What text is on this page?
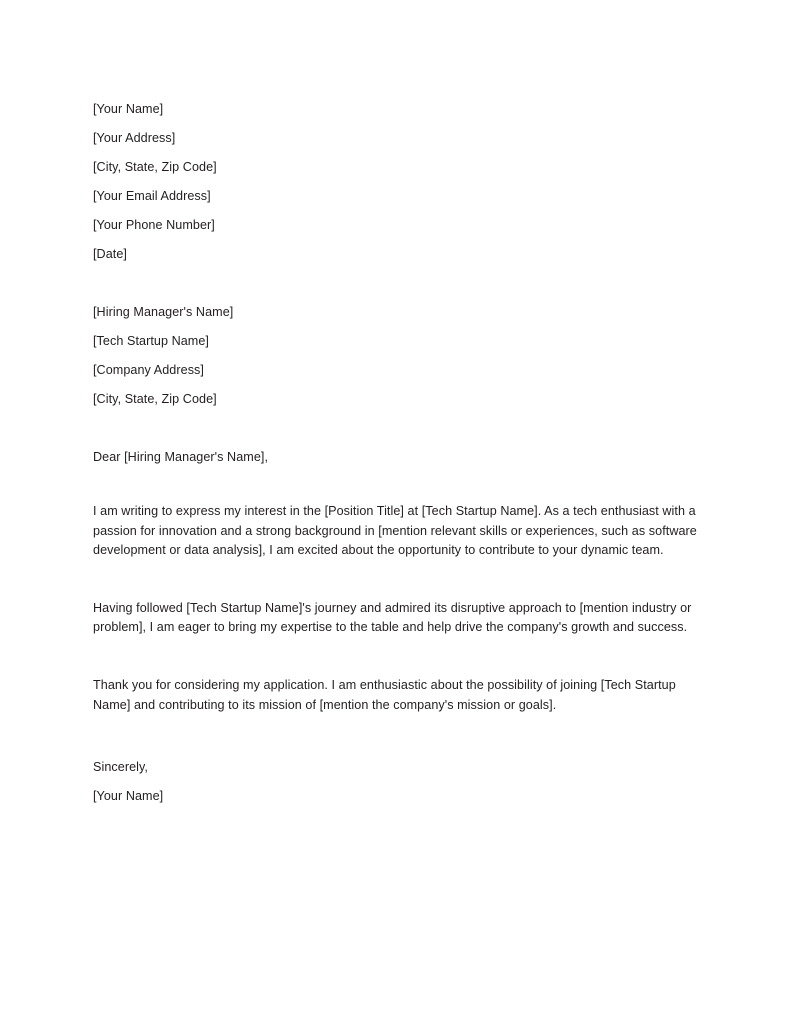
[Your Name]
[Your Address]
[City, State, Zip Code]
[Your Email Address]
[Your Phone Number]
[Date]
[Hiring Manager's Name]
[Tech Startup Name]
[Company Address]
[City, State, Zip Code]
Dear [Hiring Manager's Name],

I am writing to express my interest in the [Position Title] at [Tech Startup Name]. As a tech enthusiast with a passion for innovation and a strong background in [mention relevant skills or experiences, such as software development or data analysis], I am excited about the opportunity to contribute to your dynamic team.

Having followed [Tech Startup Name]'s journey and admired its disruptive approach to [mention industry or problem], I am eager to bring my expertise to the table and help drive the company's growth and success.

Thank you for considering my application. I am enthusiastic about the possibility of joining [Tech Startup Name] and contributing to its mission of [mention the company's mission or goals].

Sincerely,
[Your Name]
